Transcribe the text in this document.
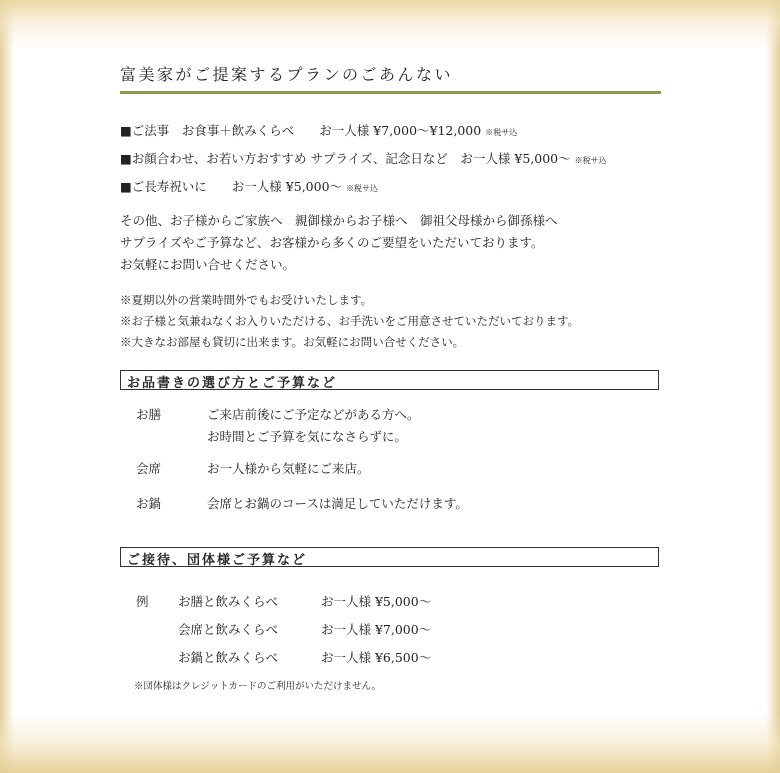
富美家がご提案するプランのごあんない
■ご法事　お食事＋飲みくらべ　　お一人様 ¥7,000〜¥12,000 ※税サ込
■お顔合わせ、お若い方おすすめ サプライズ、記念日など　お一人様 ¥5,000〜 ※税サ込
■ご長寿祝いに　　お一人様 ¥5,000〜 ※税サ込
その他、お子様からご家族へ　親御様からお子様へ　御祖父母様から御孫様へ
サプライズやご予算など、お客様から多くのご要望をいただいております。
お気軽にお問い合せください。
※夏期以外の営業時間外でもお受けいたします。
※お子様と気兼ねなくお入りいただける、お手洗いをご用意させていただいております。
※大きなお部屋も貸切に出来ます。お気軽にお問い合せください。
お品書きの選び方とご予算など
お膳	ご来店前後にご予定などがある方へ。
お時間とご予算を気になさらずに。
会席	お一人様から気軽にご来店。
お鍋	会席とお鍋のコースは満足していただけます。
ご接待、団体様ご予算など
例 お膳と飲みくらべ	お一人様 ¥5,000〜
会席と飲みくらべ	お一人様 ¥7,000〜
お鍋と飲みくらべ	お一人様 ¥6,500〜
※団体様はクレジットカードのご利用がいただけません。
